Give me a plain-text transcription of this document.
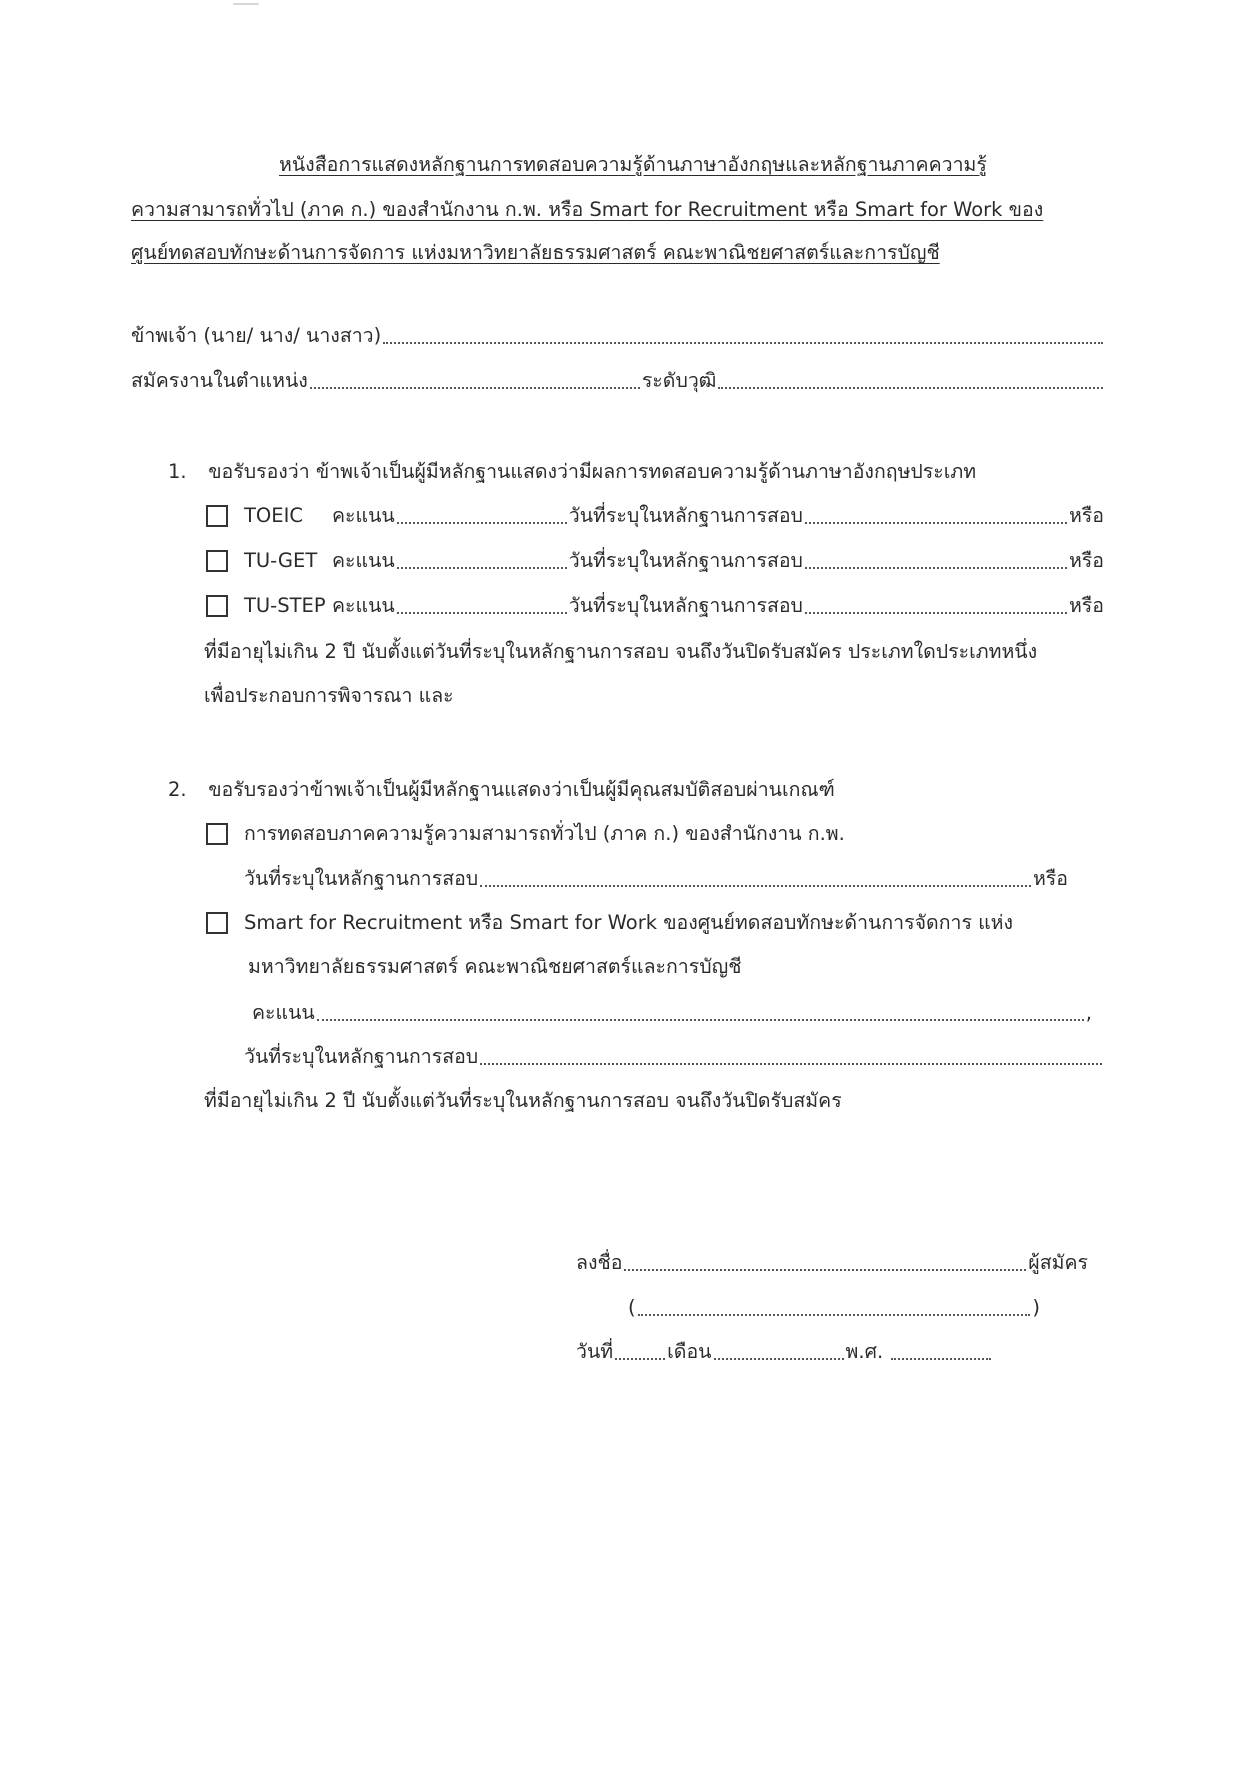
หนังสือการแสดงหลักฐานการทดสอบความรู้ด้านภาษาอังกฤษและหลักฐานภาคความรู้
ความสามารถทั่วไป (ภาค ก.) ของสำนักงาน ก.พ. หรือ Smart for Recruitment หรือ Smart for Work ของ
ศูนย์ทดสอบทักษะด้านการจัดการ แห่งมหาวิทยาลัยธรรมศาสตร์ คณะพาณิชยศาสตร์และการบัญชี
ข้าพเจ้า (นาย/ นาง/ นางสาว)
สมัครงานในตำแหน่ง	ระดับวุฒิ
1. ขอรับรองว่า ข้าพเจ้าเป็นผู้มีหลักฐานแสดงว่ามีผลการทดสอบความรู้ด้านภาษาอังกฤษประเภท
TOEIC	คะแนน	วันที่ระบุในหลักฐานการสอบ	หรือ
TU-GET คะแนน	วันที่ระบุในหลักฐานการสอบ	หรือ
TU-STEP คะแนน	วันที่ระบุในหลักฐานการสอบ	หรือ
ที่มีอายุไม่เกิน 2 ปี นับตั้งแต่วันที่ระบุในหลักฐานการสอบ จนถึงวันปิดรับสมัคร ประเภทใดประเภทหนึ่ง
เพื่อประกอบการพิจารณา และ
2. ขอรับรองว่าข้าพเจ้าเป็นผู้มีหลักฐานแสดงว่าเป็นผู้มีคุณสมบัติสอบผ่านเกณฑ์
การทดสอบภาคความรู้ความสามารถทั่วไป (ภาค ก.) ของสำนักงาน ก.พ.
วันที่ระบุในหลักฐานการสอบ	หรือ
Smart for Recruitment หรือ Smart for Work ของศูนย์ทดสอบทักษะด้านการจัดการ แห่ง
มหาวิทยาลัยธรรมศาสตร์ คณะพาณิชยศาสตร์และการบัญชี
คะแนน	,
วันที่ระบุในหลักฐานการสอบ
ที่มีอายุไม่เกิน 2 ปี นับตั้งแต่วันที่ระบุในหลักฐานการสอบ จนถึงวันปิดรับสมัคร
ลงชื่อ	ผู้สมัคร
(	)
วันที่	เดือน	พ.ศ.
